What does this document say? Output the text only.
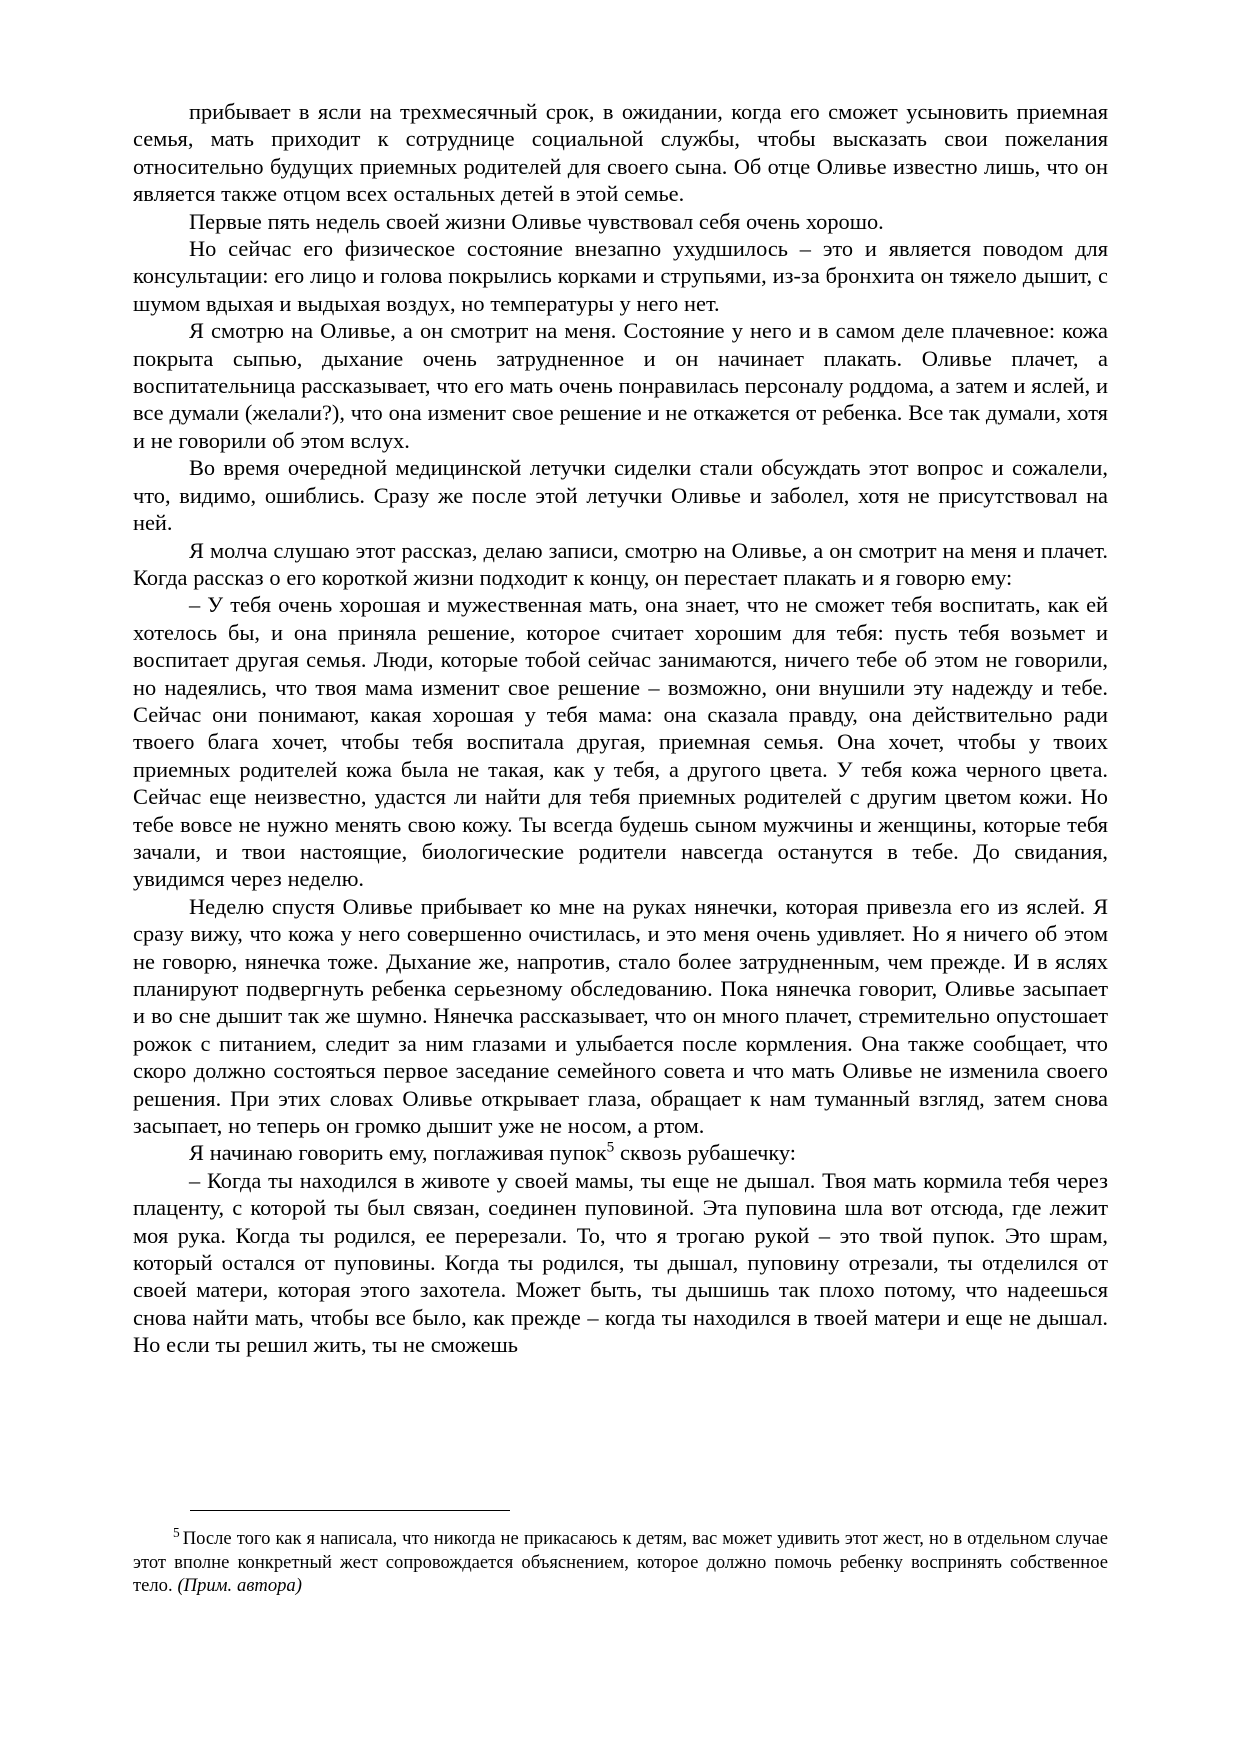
прибывает в ясли на трехмесячный срок, в ожидании, когда его сможет усыновить приемная семья, мать приходит к сотруднице социальной службы, чтобы высказать свои пожелания относительно будущих приемных родителей для своего сына. Об отце Оливье известно лишь, что он является также отцом всех остальных детей в этой семье.

Первые пять недель своей жизни Оливье чувствовал себя очень хорошо.

Но сейчас его физическое состояние внезапно ухудшилось – это и является поводом для консультации: его лицо и голова покрылись корками и струпьями, из-за бронхита он тяжело дышит, с шумом вдыхая и выдыхая воздух, но температуры у него нет.

Я смотрю на Оливье, а он смотрит на меня. Состояние у него и в самом деле плачевное: кожа покрыта сыпью, дыхание очень затрудненное и он начинает плакать. Оливье плачет, а воспитательница рассказывает, что его мать очень понравилась персоналу роддома, а затем и яслей, и все думали (желали?), что она изменит свое решение и не откажется от ребенка. Все так думали, хотя и не говорили об этом вслух.

Во время очередной медицинской летучки сиделки стали обсуждать этот вопрос и сожалели, что, видимо, ошиблись. Сразу же после этой летучки Оливье и заболел, хотя не присутствовал на ней.

Я молча слушаю этот рассказ, делаю записи, смотрю на Оливье, а он смотрит на меня и плачет. Когда рассказ о его короткой жизни подходит к концу, он перестает плакать и я говорю ему:

– У тебя очень хорошая и мужественная мать, она знает, что не сможет тебя воспитать, как ей хотелось бы, и она приняла решение, которое считает хорошим для тебя: пусть тебя возьмет и воспитает другая семья. Люди, которые тобой сейчас занимаются, ничего тебе об этом не говорили, но надеялись, что твоя мама изменит свое решение – возможно, они внушили эту надежду и тебе. Сейчас они понимают, какая хорошая у тебя мама: она сказала правду, она действительно ради твоего блага хочет, чтобы тебя воспитала другая, приемная семья. Она хочет, чтобы у твоих приемных родителей кожа была не такая, как у тебя, а другого цвета. У тебя кожа черного цвета. Сейчас еще неизвестно, удастся ли найти для тебя приемных родителей с другим цветом кожи. Но тебе вовсе не нужно менять свою кожу. Ты всегда будешь сыном мужчины и женщины, которые тебя зачали, и твои настоящие, биологические родители навсегда останутся в тебе. До свидания, увидимся через неделю.

Неделю спустя Оливье прибывает ко мне на руках нянечки, которая привезла его из яслей. Я сразу вижу, что кожа у него совершенно очистилась, и это меня очень удивляет. Но я ничего об этом не говорю, нянечка тоже. Дыхание же, напротив, стало более затрудненным, чем прежде. И в яслях планируют подвергнуть ребенка серьезному обследованию. Пока нянечка говорит, Оливье засыпает и во сне дышит так же шумно. Нянечка рассказывает, что он много плачет, стремительно опустошает рожок с питанием, следит за ним глазами и улыбается после кормления. Она также сообщает, что скоро должно состояться первое заседание семейного совета и что мать Оливье не изменила своего решения. При этих словах Оливье открывает глаза, обращает к нам туманный взгляд, затем снова засыпает, но теперь он громко дышит уже не носом, а ртом.

Я начинаю говорить ему, поглаживая пупок$^5$ сквозь рубашечку:

– Когда ты находился в животе у своей мамы, ты еще не дышал. Твоя мать кормила тебя через плаценту, с которой ты был связан, соединен пуповиной. Эта пуповина шла вот отсюда, где лежит моя рука. Когда ты родился, ее перерезали. То, что я трогаю рукой – это твой пупок. Это шрам, который остался от пуповины. Когда ты родился, ты дышал, пуповину отрезали, ты отделился от своей матери, которая этого захотела. Может быть, ты дышишь так плохо потому, что надеешься снова найти мать, чтобы все было, как прежде – когда ты находился в твоей матери и еще не дышал. Но если ты решил жить, ты не сможешь

$^5$ После того как я написала, что никогда не прикасаюсь к детям, вас может удивить этот жест, но в отдельном случае этот вполне конкретный жест сопровождается объяснением, которое должно помочь ребенку воспринять собственное тело. (Прим. автора)
